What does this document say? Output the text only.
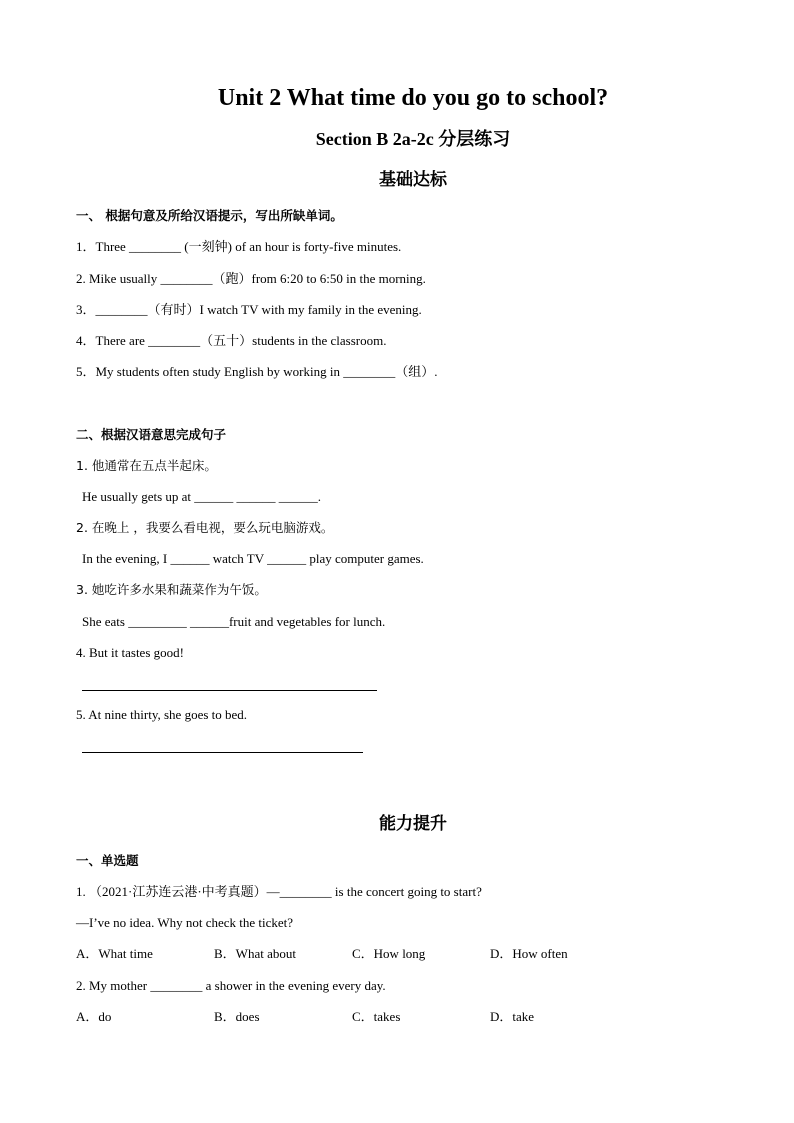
Unit 2 What time do you go to school?
Section B 2a-2c 分层练习
基础达标
一、 根据句意及所给汉语提示，写出所缺单词。
1．Three ________ (一刻钟) of an hour is forty-five minutes.
2. Mike usually ________（跑）from 6:20 to 6:50 in the morning.
3．________（有时）I watch TV with my family in the evening.
4．There are ________（五十）students in the classroom.
5．My students often study English by working in ________（组）.
二、根据汉语意思完成句子
1. 他通常在五点半起床。
He usually gets up at ______ ______ ______.
2. 在晚上 ，我要么看电视，要么玩电脑游戏。
In the evening, I ______ watch TV ______ play computer games.
3. 她吃许多水果和蔬菜作为午饭。
She eats _________ ______fruit and vegetables for lunch.
4. But it tastes good!
5. At nine thirty, she goes to bed.
能力提升
一、单选题
1. （2021·江苏连云港·中考真题）—________ is the concert going to start?
—I’ve no idea. Why not check the ticket?
A．What time	B．What about	C．How long	D．How often
2. My mother ________ a shower in the evening every day.
A．do	B．does	C．takes	D．take
